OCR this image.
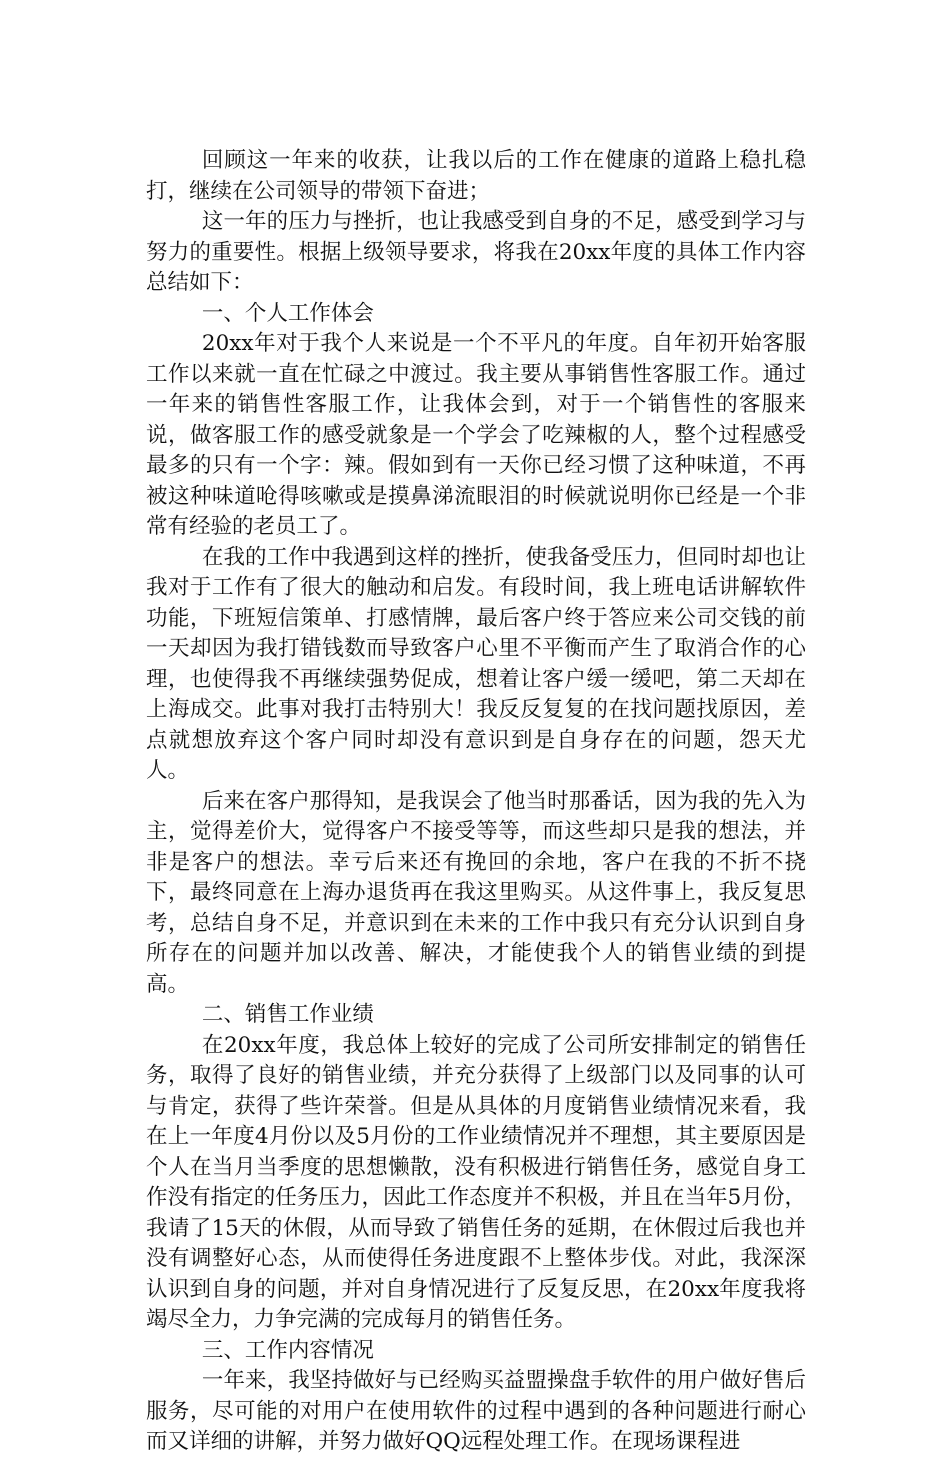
回顾这一年来的收获，让我以后的工作在健康的道路上稳扎稳打，继续在公司领导的带领下奋进；

这一年的压力与挫折，也让我感受到自身的不足，感受到学习与努力的重要性。根据上级领导要求，将我在20xx年度的具体工作内容总结如下：

一、个人工作体会

20xx年对于我个人来说是一个不平凡的年度。自年初开始客服工作以来就一直在忙碌之中渡过。我主要从事销售性客服工作。通过一年来的销售性客服工作，让我体会到，对于一个销售性的客服来说，做客服工作的感受就象是一个学会了吃辣椒的人，整个过程感受最多的只有一个字：辣。假如到有一天你已经习惯了这种味道，不再被这种味道呛得咳嗽或是摸鼻涕流眼泪的时候就说明你已经是一个非常有经验的老员工了。

在我的工作中我遇到这样的挫折，使我备受压力，但同时却也让我对于工作有了很大的触动和启发。有段时间，我上班电话讲解软件功能，下班短信策单、打感情牌，最后客户终于答应来公司交钱的前一天却因为我打错钱数而导致客户心里不平衡而产生了取消合作的心理，也使得我不再继续强势促成，想着让客户缓一缓吧，第二天却在上海成交。此事对我打击特别大！我反反复复的在找问题找原因，差点就想放弃这个客户同时却没有意识到是自身存在的问题，怨天尤人。

后来在客户那得知，是我误会了他当时那番话，因为我的先入为主，觉得差价大，觉得客户不接受等等，而这些却只是我的想法，并非是客户的想法。幸亏后来还有挽回的余地，客户在我的不折不挠下，最终同意在上海办退货再在我这里购买。从这件事上，我反复思考，总结自身不足，并意识到在未来的工作中我只有充分认识到自身所存在的问题并加以改善、解决，才能使我个人的销售业绩的到提高。

二、销售工作业绩

在20xx年度，我总体上较好的完成了公司所安排制定的销售任务，取得了良好的销售业绩，并充分获得了上级部门以及同事的认可与肯定，获得了些许荣誉。但是从具体的月度销售业绩情况来看，我在上一年度4月份以及5月份的工作业绩情况并不理想，其主要原因是个人在当月当季度的思想懒散，没有积极进行销售任务，感觉自身工作没有指定的任务压力，因此工作态度并不积极，并且在当年5月份，我请了15天的休假，从而导致了销售任务的延期，在休假过后我也并没有调整好心态，从而使得任务进度跟不上整体步伐。对此，我深深认识到自身的问题，并对自身情况进行了反复反思，在20xx年度我将竭尽全力，力争完满的完成每月的销售任务。

三、工作内容情况

一年来，我坚持做好与已经购买益盟操盘手软件的用户做好售后服务，尽可能的对用户在使用软件的过程中遇到的各种问题进行耐心而又详细的讲解，并努力做好QQ远程处理工作。在现场课程进
